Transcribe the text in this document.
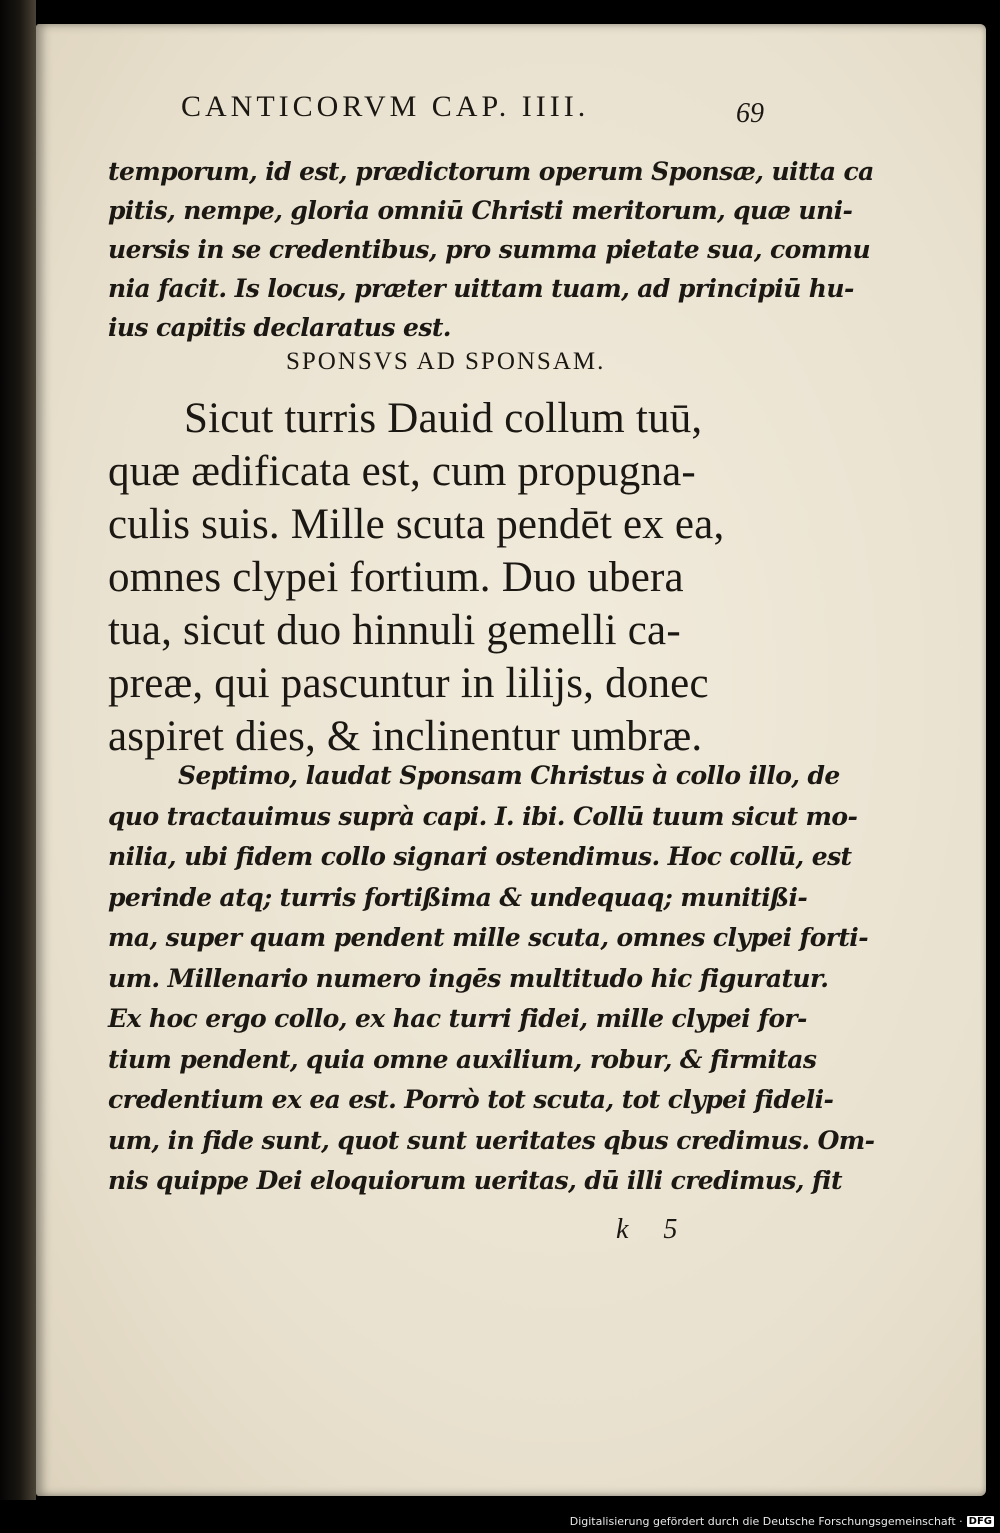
CANTICORVM CAP. IIII.	69
temporum, id est, prædictorum operum Sponsæ, uitta ca
pitis, nempe, gloria omniū Christi meritorum, quæ uni-
uersis in se credentibus, pro summa pietate sua, commu
nia facit. Is locus, præter uittam tuam, ad principiū hu-
ius capitis declaratus est.
SPONSVS AD SPONSAM.
Sicut turris Dauid collum tuū,
quæ ædificata est, cum propugna-
culis suis. Mille scuta pendēt ex ea,
omnes clypei fortium. Duo ubera
tua, sicut duo hinnuli gemelli ca-
preæ, qui pascuntur in lilijs, donec
aspiret dies, & inclinentur umbræ.
Septimo, laudat Sponsam Christus à collo illo, de
quo tractauimus suprà capi. I. ibi. Collū tuum sicut mo-
nilia, ubi fidem collo signari ostendimus. Hoc collū, est
perinde atq; turris fortißima & undequaq; munitißi-
ma, super quam pendent mille scuta, omnes clypei forti-
um. Millenario numero ingēs multitudo hic figuratur.
Ex hoc ergo collo, ex hac turri fidei, mille clypei for-
tium pendent, quia omne auxilium, robur, & firmitas
credentium ex ea est. Porrò tot scuta, tot clypei fideli-
um, in fide sunt, quot sunt ueritates qbus credimus. Om-
nis quippe Dei eloquiorum ueritas, dū illi credimus, fit
k 5
Digitalisierung gefördert durch die Deutsche Forschungsgemeinschaft · DFG
